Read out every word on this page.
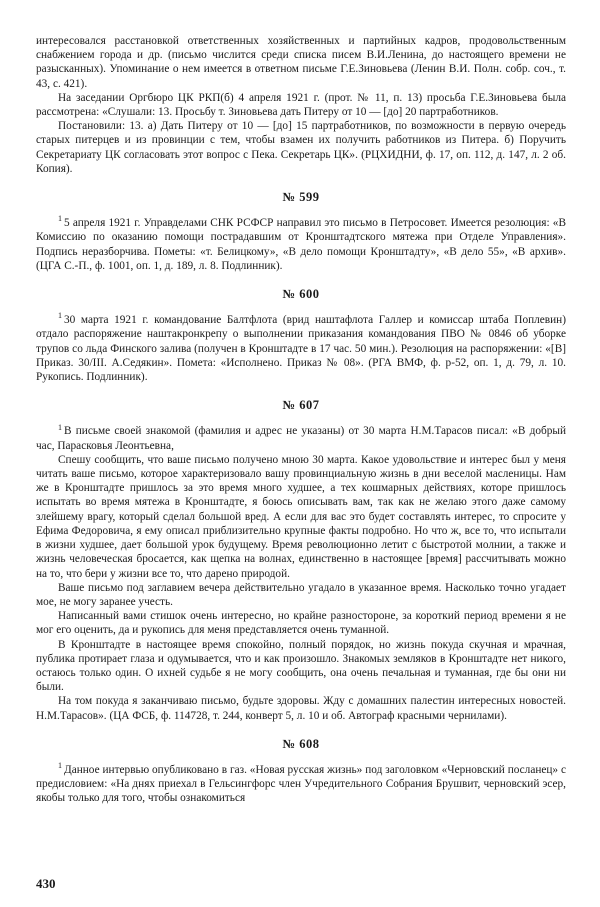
интересовался расстановкой ответственных хозяйственных и партийных кадров, продовольственным снабжением города и др. (письмо числится среди списка писем В.И.Ленина, до настоящего времени не разысканных). Упоминание о нем имеется в ответном письме Г.Е.Зиновьева (Ленин В.И. Полн. собр. соч., т. 43, с. 421).

На заседании Оргбюро ЦК РКП(б) 4 апреля 1921 г. (прот. № 11, п. 13) просьба Г.Е.Зиновьева была рассмотрена: «Слушали: 13. Просьбу т. Зиновьева дать Питеру от 10 — [до] 20 партработников.

Постановили: 13. а) Дать Питеру от 10 — [до] 15 партработников, по возможности в первую очередь старых питерцев и из провинции с тем, чтобы взамен их получить работников из Питера. б) Поручить Секретариату ЦК согласовать этот вопрос с Пека. Секретарь ЦК». (РЦХИДНИ, ф. 17, оп. 112, д. 147, л. 2 об. Копия).

№ 599

$^1$ 5 апреля 1921 г. Управделами СНК РСФСР направил это письмо в Петросовет. Имеется резолюция: «В Комиссию по оказанию помощи пострадавшим от Кронштадтского мятежа при Отделе Управления». Подпись неразборчива. Пометы: «т. Белицкому», «В дело помощи Кронштадту», «В дело 55», «В архив». (ЦГА С.-П., ф. 1001, оп. 1, д. 189, л. 8. Подлинник).

№ 600

$^1$ 30 марта 1921 г. командование Балтфлота (врид наштафлота Галлер и комиссар штаба Поплевин) отдало распоряжение наштакронкрепу о выполнении приказания командования ПВО № 0846 об уборке трупов со льда Финского залива (получен в Кронштадте в 17 час. 50 мин.). Резолюция на распоряжении: «[В] Приказ. 30/III. А.Седякин». Помета: «Исполнено. Приказ № 08». (РГА ВМФ, ф. р-52, оп. 1, д. 79, л. 10. Рукопись. Подлинник).

№ 607

$^1$ В письме своей знакомой (фамилия и адрес не указаны) от 30 марта Н.М.Тарасов писал: «В добрый час, Парасковья Леонтьевна,

Спешу сообщить, что ваше письмо получено мною 30 марта. Какое удовольствие и интерес был у меня читать ваше письмо, которое характеризовало вашу провинциальную жизнь в дни веселой масленицы. Нам же в Кронштадте пришлось за это время много худшее, а тех кошмарных действиях, которе пришлось испытать во время мятежа в Кронштадте, я боюсь описывать вам, так как не желаю этого даже самому злейшему врагу, который сделал большой вред. А если для вас это будет составлять интерес, то спросите у Ефима Федоровича, я ему описал приблизительно крупные факты подробно. Но что ж, все то, что испытали в жизни худшее, дает большой урок будущему. Время революционно летит с быстротой молнии, а также и жизнь человеческая бросается, как щепка на волнах, единственно в настоящее [время] рассчитывать можно на то, что бери у жизни все то, что дарено природой.

Ваше письмо под заглавием вечера действительно угадало в указанное время. Насколько точно угадает мое, не могу заранее учесть.

Написанный вами стишок очень интересно, но крайне разностороне, за короткий период времени я не мог его оценить, да и рукопись для меня представляется очень туманной.

В Кронштадте в настоящее время спокойно, полный порядок, но жизнь покуда скучная и мрачная, публика протирает глаза и одумывается, что и как произошло. Знакомых земляков в Кронштадте нет никого, остаюсь только один. О ихней судьбе я не могу сообщить, она очень печальная и туманная, где бы они ни были.

На том покуда я заканчиваю письмо, будьте здоровы. Жду с домашних палестин интересных новостей. Н.М.Тарасов». (ЦА ФСБ, ф. 114728, т. 244, конверт 5, л. 10 и об. Автограф красными чернилами).

№ 608

$^1$ Данное интервью опубликовано в газ. «Новая русская жизнь» под заголовком «Черновский посланец» с предисловием: «На днях приехал в Гельсингфорс член Учредительного Собрания Брушвит, черновский эсер, якобы только для того, чтобы ознакомиться

430
